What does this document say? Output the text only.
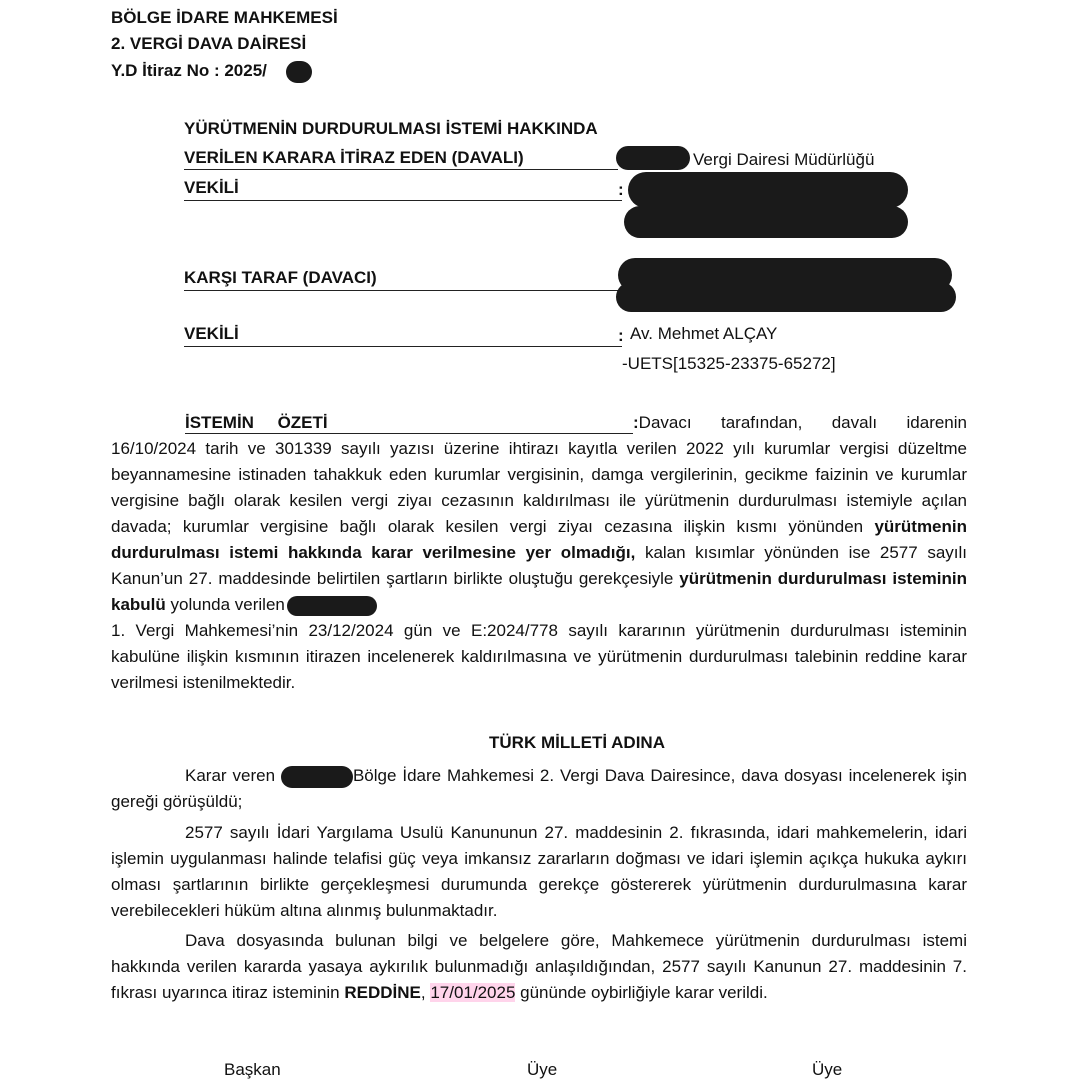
BÖLGE İDARE MAHKEMESİ
2. VERGİ DAVA DAİRESİ
Y.D İtiraz No : 2025/
YÜRÜTMENİN DURDURULMASI İSTEMİ HAKKINDA
VERİLEN KARARA İTİRAZ EDEN (DAVALI)	Vergi Dairesi Müdürlüğü
VEKİLİ	:
KARŞI TARAF (DAVACI)
VEKİLİ	: Av. Mehmet ALÇAY
-UETS[15325-23375-65272]
İSTEMİN ÖZETİ	:Davacı tarafından, davalı idarenin 16/10/2024 tarih ve 301339 sayılı yazısı üzerine ihtirazı kayıtla verilen 2022 yılı kurumlar vergisi düzeltme beyannamesine istinaden tahakkuk eden kurumlar vergisinin, damga vergilerinin, gecikme faizinin ve kurumlar vergisine bağlı olarak kesilen vergi ziyaı cezasının kaldırılması ile yürütmenin durdurulması istemiyle açılan davada; kurumlar vergisine bağlı olarak kesilen vergi ziyaı cezasına ilişkin kısmı yönünden yürütmenin durdurulması istemi hakkında karar verilmesine yer olmadığı, kalan kısımlar yönünden ise 2577 sayılı Kanun’un 27. maddesinde belirtilen şartların birlikte oluştuğu gerekçesiyle yürütmenin durdurulması isteminin kabulü yolunda verilen
1. Vergi Mahkemesi’nin 23/12/2024 gün ve E:2024/778 sayılı kararının yürütmenin durdurulması isteminin kabulüne ilişkin kısmının itirazen incelenerek kaldırılmasına ve yürütmenin durdurulması talebinin reddine karar verilmesi istenilmektedir.
TÜRK MİLLETİ ADINA
Karar veren	Bölge İdare Mahkemesi 2. Vergi Dava Dairesince, dava dosyası incelenerek işin gereği görüşüldü;
2577 sayılı İdari Yargılama Usulü Kanununun 27. maddesinin 2. fıkrasında, idari mahkemelerin, idari işlemin uygulanması halinde telafisi güç veya imkansız zararların doğması ve idari işlemin açıkça hukuka aykırı olması şartlarının birlikte gerçekleşmesi durumunda gerekçe göstererek yürütmenin durdurulmasına karar verebilecekleri hüküm altına alınmış bulunmaktadır.
Dava dosyasında bulunan bilgi ve belgelere göre, Mahkemece yürütmenin durdurulması istemi hakkında verilen kararda yasaya aykırılık bulunmadığı anlaşıldığından, 2577 sayılı Kanunun 27. maddesinin 7. fıkrası uyarınca itiraz isteminin REDDİNE, 17/01/2025 gününde oybirliğiyle karar verildi.
Başkan	Üye	Üye
